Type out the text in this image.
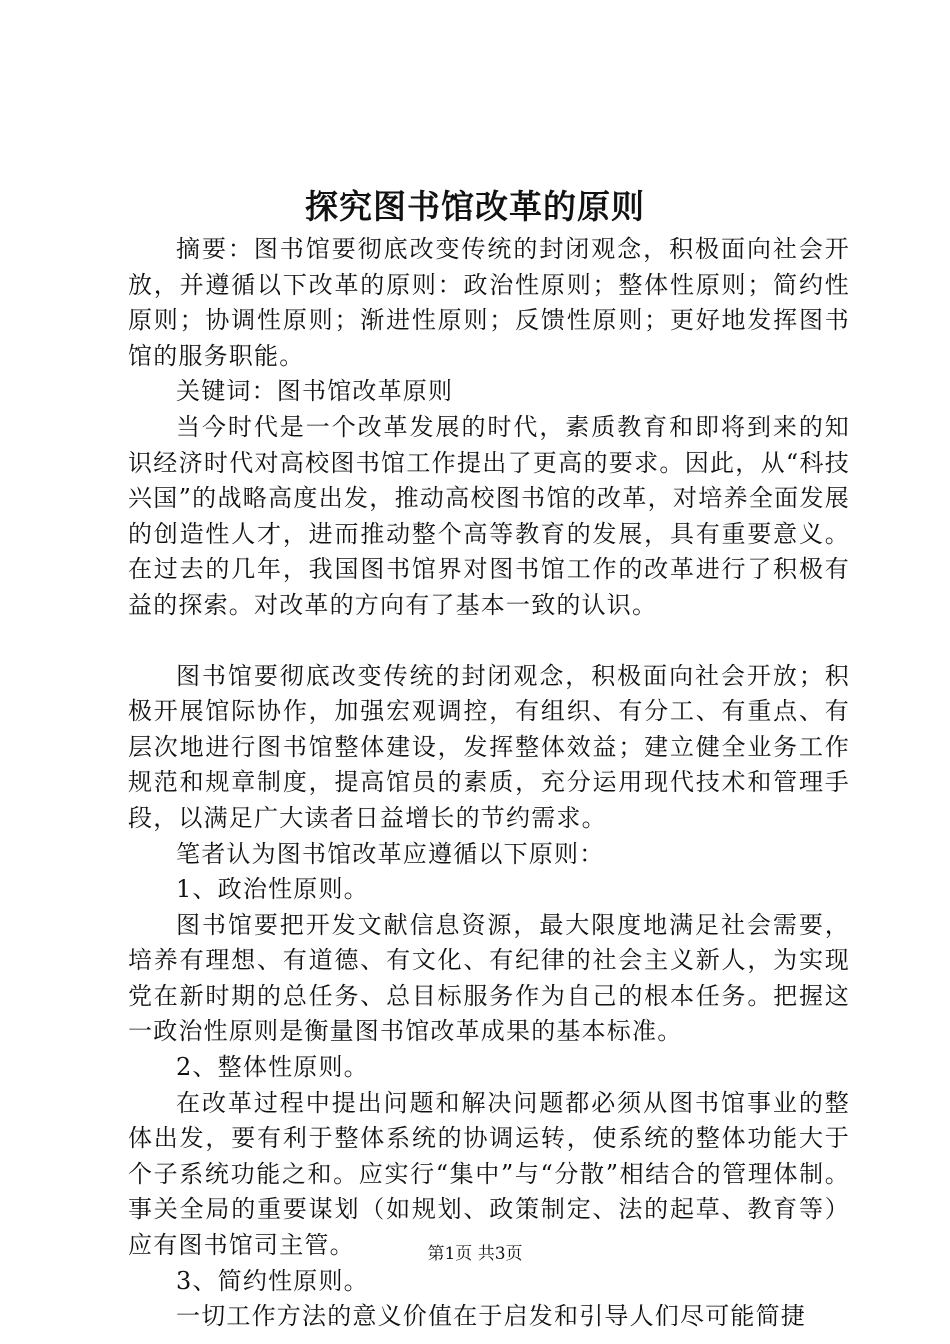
探究图书馆改革的原则

摘要：图书馆要彻底改变传统的封闭观念，积极面向社会开放，并遵循以下改革的原则：政治性原则；整体性原则；简约性原则；协调性原则；渐进性原则；反馈性原则；更好地发挥图书馆的服务职能。

关键词：图书馆改革原则

当今时代是一个改革发展的时代，素质教育和即将到来的知识经济时代对高校图书馆工作提出了更高的要求。因此，从“科技兴国”的战略高度出发，推动高校图书馆的改革，对培养全面发展的创造性人才，进而推动整个高等教育的发展，具有重要意义。在过去的几年，我国图书馆界对图书馆工作的改革进行了积极有益的探索。对改革的方向有了基本一致的认识。

图书馆要彻底改变传统的封闭观念，积极面向社会开放；积极开展馆际协作，加强宏观调控，有组织、有分工、有重点、有层次地进行图书馆整体建设，发挥整体效益；建立健全业务工作规范和规章制度，提高馆员的素质，充分运用现代技术和管理手段，以满足广大读者日益增长的节约需求。

笔者认为图书馆改革应遵循以下原则：

1、政治性原则。

图书馆要把开发文献信息资源，最大限度地满足社会需要，培养有理想、有道德、有文化、有纪律的社会主义新人，为实现党在新时期的总任务、总目标服务作为自己的根本任务。把握这一政治性原则是衡量图书馆改革成果的基本标准。

2、整体性原则。

在改革过程中提出问题和解决问题都必须从图书馆事业的整体出发，要有利于整体系统的协调运转，使系统的整体功能大于个子系统功能之和。应实行“集中”与“分散”相结合的管理体制。事关全局的重要谋划（如规划、政策制定、法的起草、教育等）应有图书馆司主管。

3、简约性原则。

一切工作方法的意义价值在于启发和引导人们尽可能简捷

第1页 共3页
